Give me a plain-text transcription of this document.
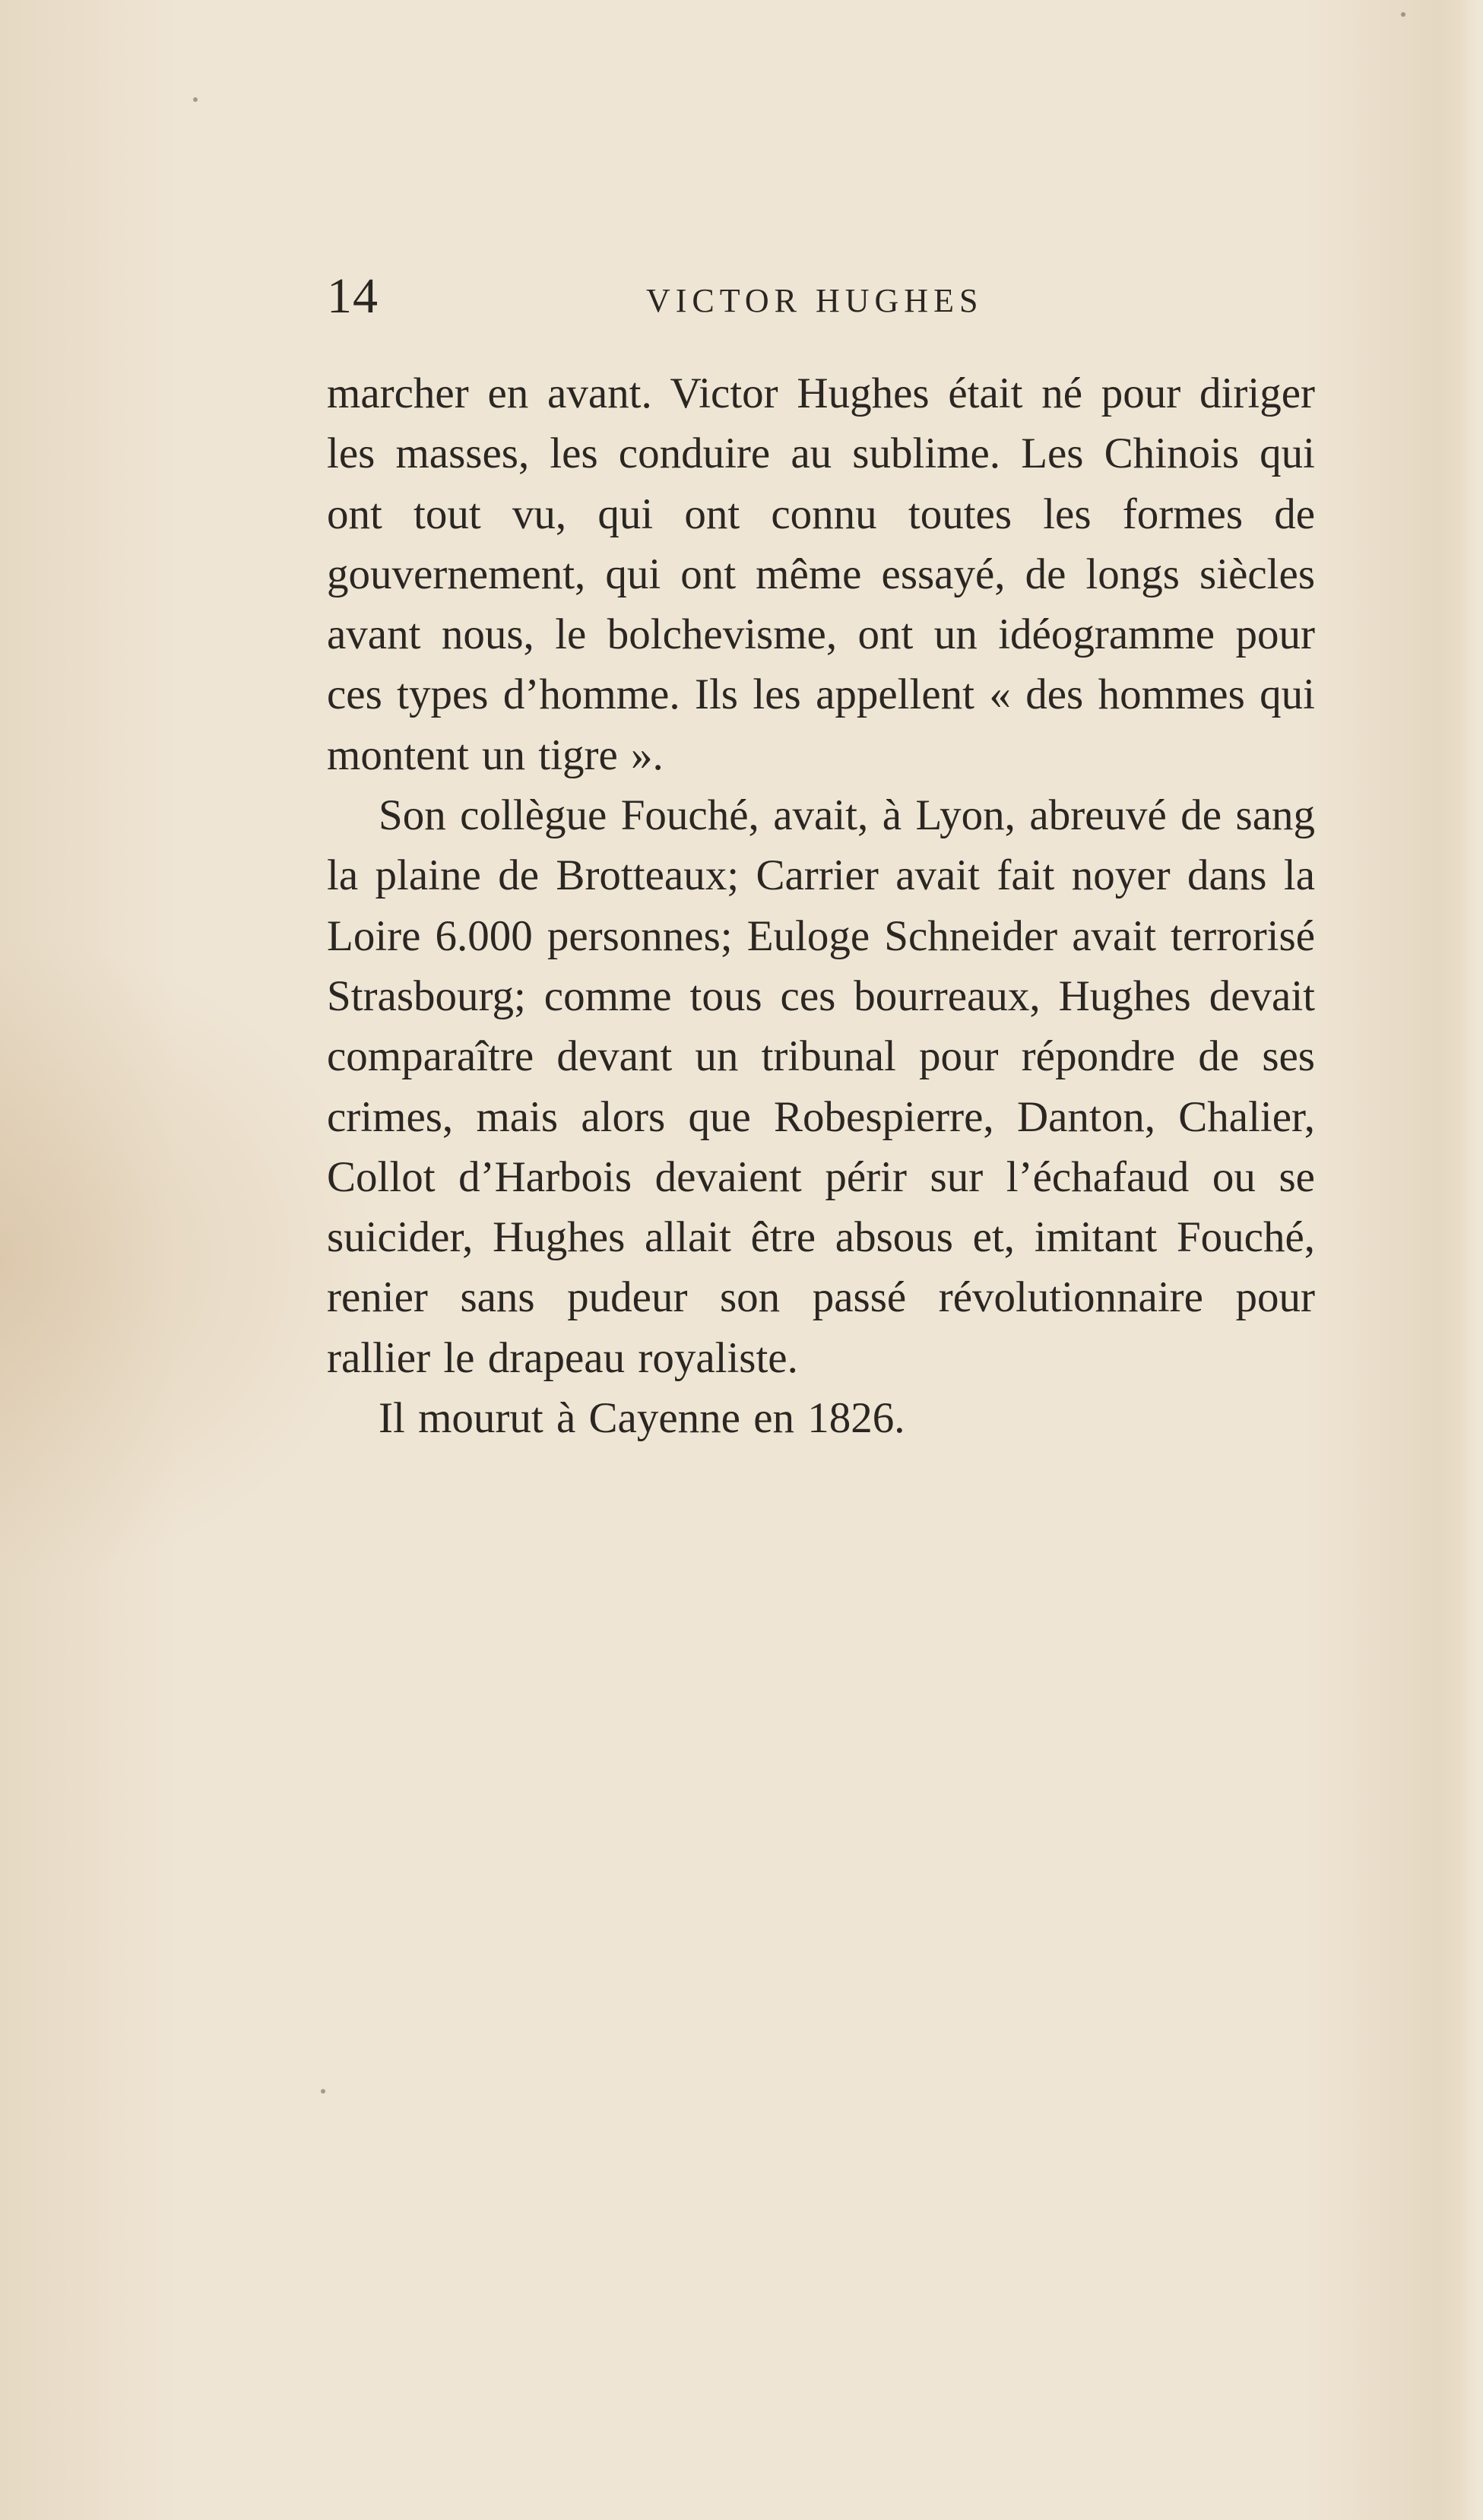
14	VICTOR HUGHES

marcher en avant. Victor Hughes était né pour diriger les masses, les conduire au sublime. Les Chinois qui ont tout vu, qui ont connu toutes les formes de gouvernement, qui ont même essayé, de longs siècles avant nous, le bolchevisme, ont un idéogramme pour ces types d’homme. Ils les appellent « des hommes qui montent un tigre ».

Son collègue Fouché, avait, à Lyon, abreuvé de sang la plaine de Brotteaux; Carrier avait fait noyer dans la Loire 6.000 personnes; Euloge Schneider avait terrorisé Strasbourg; comme tous ces bourreaux, Hughes devait comparaître devant un tribunal pour répondre de ses crimes, mais alors que Robespierre, Danton, Chalier, Collot d’Harbois devaient périr sur l’échafaud ou se suicider, Hughes allait être absous et, imitant Fouché, renier sans pudeur son passé révolutionnaire pour rallier le drapeau royaliste.

Il mourut à Cayenne en 1826.
